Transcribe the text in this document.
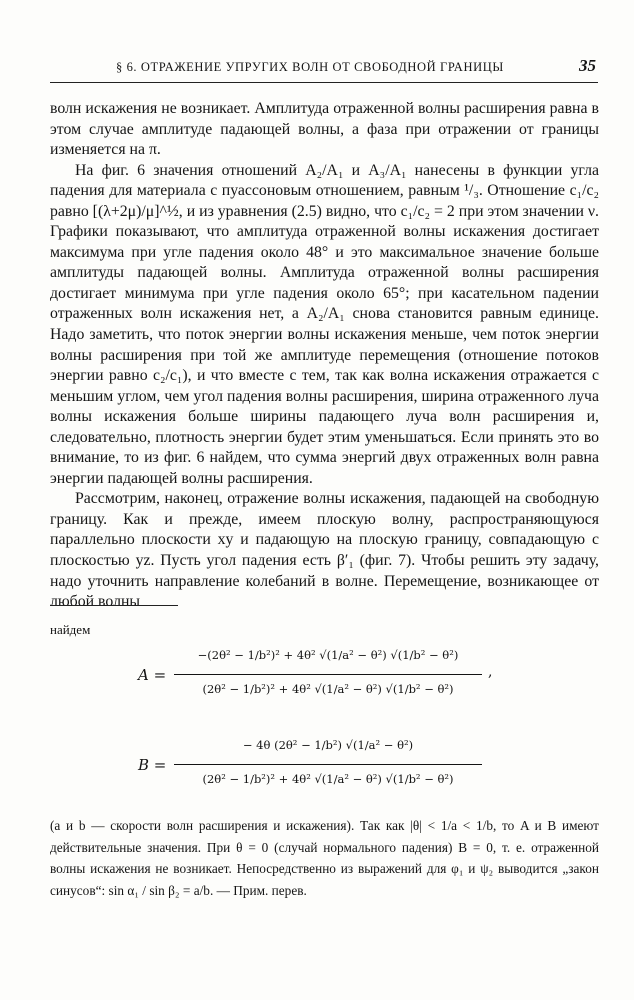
§ 6. ОТРАЖЕНИЕ УПРУГИХ ВОЛН ОТ СВОБОДНОЙ ГРАНИЦЫ	35

волн искажения не возникает. Амплитуда отраженной волны расширения равна в этом случае амплитуде падающей волны, а фаза при отражении от границы изменяется на π.

На фиг. 6 значения отношений A₂/A₁ и A₃/A₁ нанесены в функции угла падения для материала с пуассоновым отношением, равным ¹/₃. Отношение c₁/c₂ равно [(λ+2μ)/μ]^½, и из уравнения (2.5) видно, что c₁/c₂ = 2 при этом значении ν. Графики показывают, что амплитуда отраженной волны искажения достигает максимума при угле падения около 48° и это максимальное значение больше амплитуды падающей волны. Амплитуда отраженной волны расширения достигает минимума при угле падения около 65°; при касательном падении отраженных волн искажения нет, а A₂/A₁ снова становится равным единице. Надо заметить, что поток энергии волны искажения меньше, чем поток энергии волны расширения при той же амплитуде перемещения (отношение потоков энергии равно c₂/c₁), и что вместе с тем, так как волна искажения отражается с меньшим углом, чем угол падения волны расширения, ширина отраженного луча волны искажения больше ширины падающего луча волн расширения и, следовательно, плотность энергии будет этим уменьшаться. Если принять это во внимание, то из фиг. 6 найдем, что сумма энергий двух отраженных волн равна энергии падающей волны расширения.

Рассмотрим, наконец, отражение волны искажения, падающей на свободную границу. Как и прежде, имеем плоскую волну, распространяющуюся параллельно плоскости xy и падающую на плоскую границу, совпадающую с плоскостью yz. Пусть угол падения есть β′₁ (фиг. 7). Чтобы решить эту задачу, надо уточнить направление колебаний в волне. Перемещение, возникающее от любой волны

найдем
A =
−(2θ² − 1/b²)² + 4θ² √(1/a² − θ²) √(1/b² − θ²)
(2θ² − 1/b²)² + 4θ² √(1/a² − θ²) √(1/b² − θ²)
,
B =
− 4θ (2θ² − 1/b²) √(1/a² − θ²)
(2θ² − 1/b²)² + 4θ² √(1/a² − θ²) √(1/b² − θ²)

(a и b — скорости волн расширения и искажения). Так как |θ| < 1/a < 1/b, то A и B имеют действительные значения. При θ = 0 (случай нормального падения) B = 0, т. е. отраженной волны искажения не возникает. Непосредственно из выражений для φ₁ и ψ₂ выводится „закон синусов“: sin α₁ / sin β₂ = a/b. — Прим. перев.
